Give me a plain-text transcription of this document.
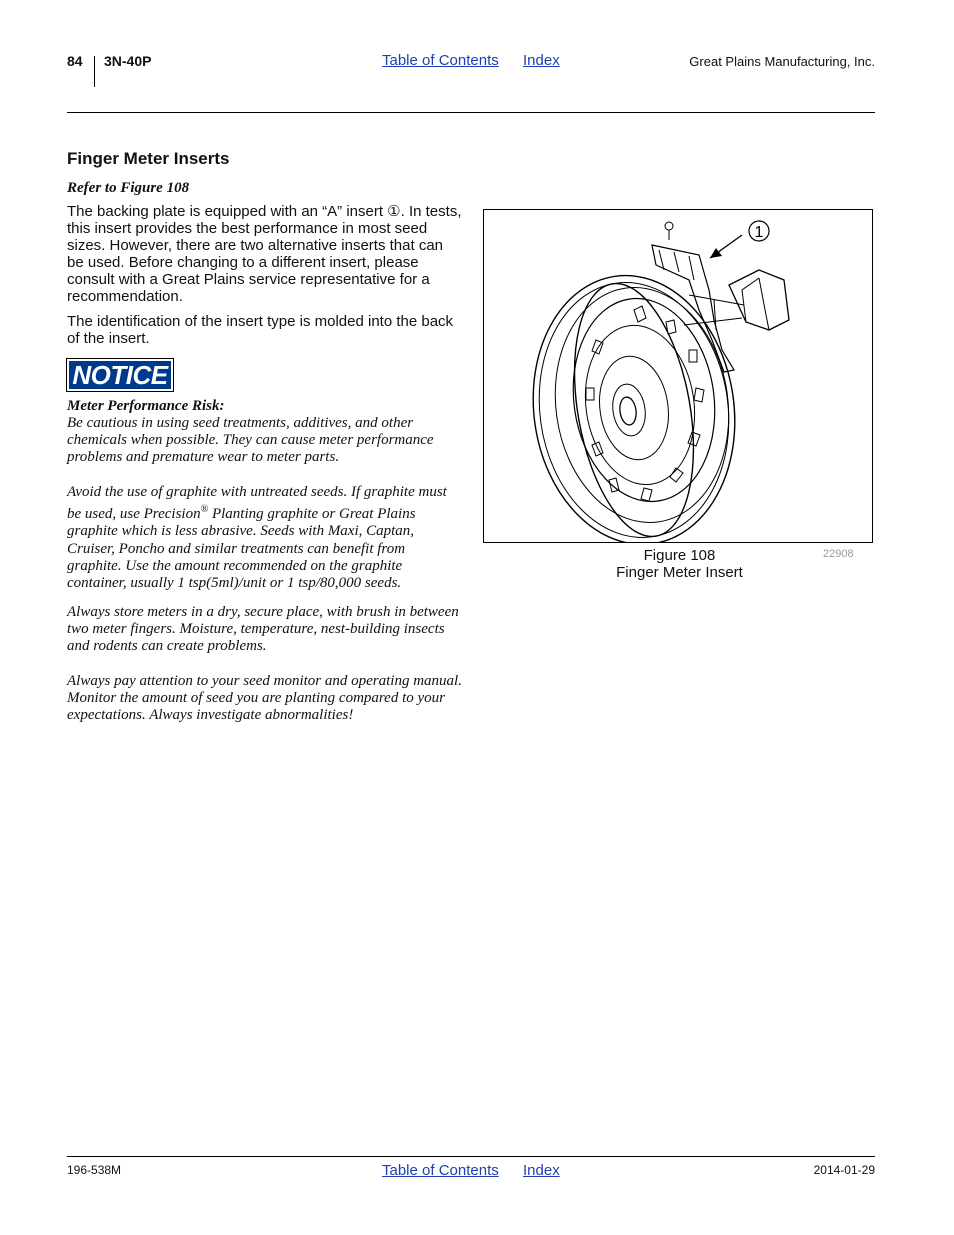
84 3N-40P	Table of Contents Index	Great Plains Manufacturing, Inc.
Finger Meter Inserts
Refer to Figure 108
The backing plate is equipped with an “A” insert ①. In tests, this insert provides the best performance in most seed sizes. However, there are two alternative inserts that can be used. Before changing to a different insert, please consult with a Great Plains service representative for a recommendation.
The identification of the insert type is molded into the back of the insert.
NOTICE
Meter Performance Risk:
Be cautious in using seed treatments, additives, and other chemicals when possible. They can cause meter performance problems and premature wear to meter parts.
Avoid the use of graphite with untreated seeds. If graphite must be used, use Precision® Planting graphite or Great Plains graphite which is less abrasive. Seeds with Maxi, Captan, Cruiser, Poncho and similar treatments can benefit from graphite. Use the amount recommended on the graphite container, usually 1 tsp(5ml)/unit or 1 tsp/80,000 seeds.
Always store meters in a dry, secure place, with brush in between two meter fingers. Moisture, temperature, nest-building insects and rodents can create problems.
Always pay attention to your seed monitor and operating manual. Monitor the amount of seed you are planting compared to your expectations. Always investigate abnormalities!
1
Figure 108
Finger Meter Insert
22908
196-538M	Table of Contents Index	2014-01-29
